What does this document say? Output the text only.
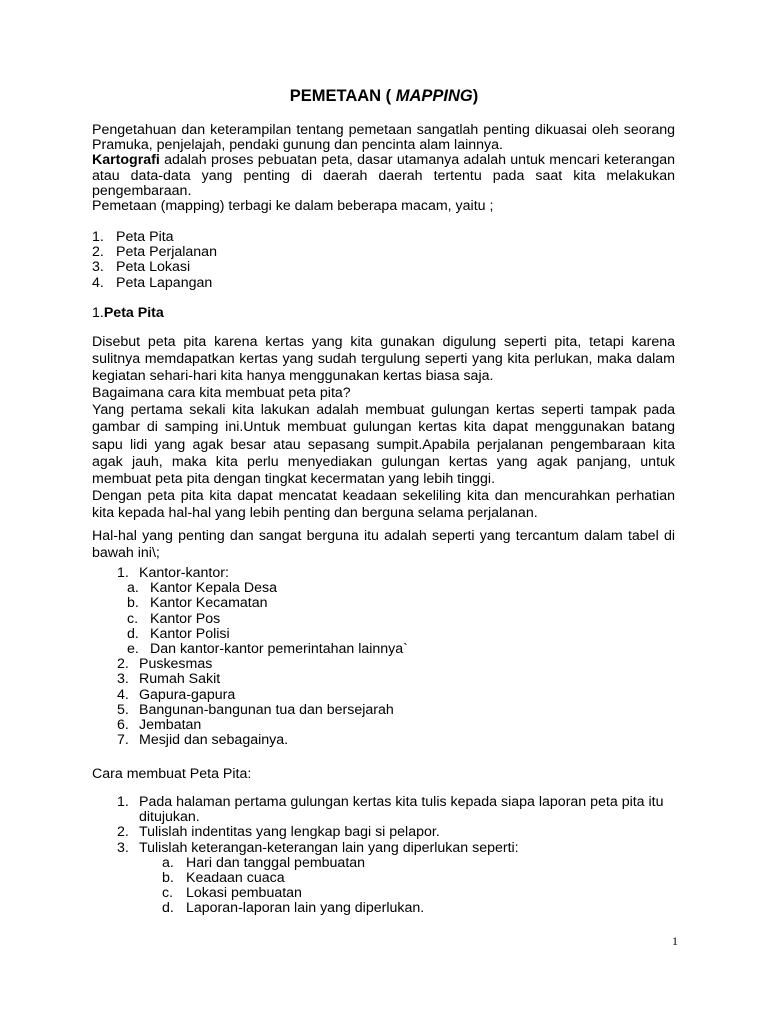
PEMETAAN ( MAPPING)

Pengetahuan dan keterampilan tentang pemetaan sangatlah penting dikuasai oleh seorang Pramuka, penjelajah, pendaki gunung dan pencinta alam lainnya.

Kartografi adalah proses pebuatan peta, dasar utamanya adalah untuk mencari keterangan atau data-data yang penting di daerah daerah tertentu pada saat kita melakukan pengembaraan.

Pemetaan (mapping) terbagi ke dalam beberapa macam, yaitu ;

1. Peta Pita
2. Peta Perjalanan
3. Peta Lokasi
4. Peta Lapangan
1.Peta Pita

Disebut peta pita karena kertas yang kita gunakan digulung seperti pita, tetapi karena sulitnya memdapatkan kertas yang sudah tergulung seperti yang kita perlukan, maka dalam kegiatan sehari-hari kita hanya menggunakan kertas biasa saja.

Bagaimana cara kita membuat peta pita?

Yang pertama sekali kita lakukan adalah membuat gulungan kertas seperti tampak pada gambar di samping ini.Untuk membuat gulungan kertas kita dapat menggunakan batang sapu lidi yang agak besar atau sepasang sumpit.Apabila perjalanan pengembaraan kita agak jauh, maka kita perlu menyediakan gulungan kertas yang agak panjang, untuk membuat peta pita dengan tingkat kecermatan yang lebih tinggi.

Dengan peta pita kita dapat mencatat keadaan sekeliling kita dan mencurahkan perhatian kita kepada hal-hal yang lebih penting dan berguna selama perjalanan.

Hal-hal yang penting dan sangat berguna itu adalah seperti yang tercantum dalam tabel di
bawah ini\;
1. Kantor-kantor:
a. Kantor Kepala Desa
b. Kantor Kecamatan
c. Kantor Pos
d. Kantor Polisi
e. Dan kantor-kantor pemerintahan lainnya`
2. Puskesmas
3. Rumah Sakit
4. Gapura-gapura
5. Bangunan-bangunan tua dan bersejarah
6. Jembatan
7. Mesjid dan sebagainya.
Cara membuat Peta Pita:
1. Pada halaman pertama gulungan kertas kita tulis kepada siapa laporan peta pita itu
ditujukan.
2. Tulislah indentitas yang lengkap bagi si pelapor.
3. Tulislah keterangan-keterangan lain yang diperlukan seperti:
a. Hari dan tanggal pembuatan
b. Keadaan cuaca
c. Lokasi pembuatan
d. Laporan-laporan lain yang diperlukan.
1
